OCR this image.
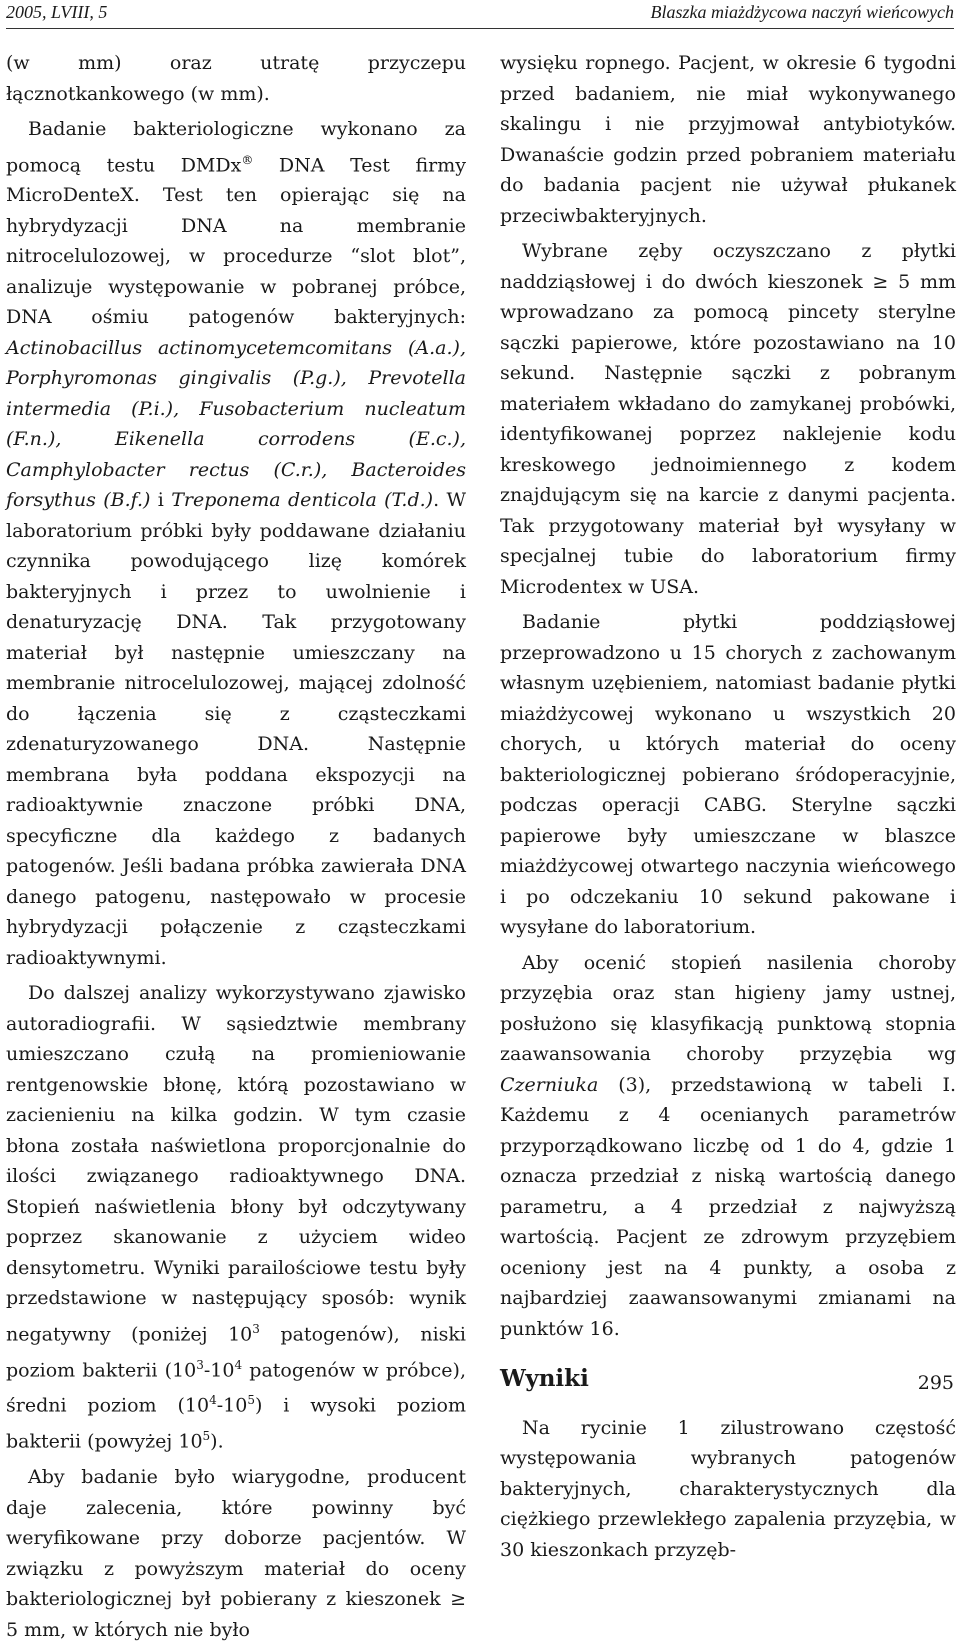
2005, LVIII, 5	Blaszka miażdżycowa naczyń wieńcowych

(w mm) oraz utratę przyczepu łącznotkankowego (w mm).

Badanie bakteriologiczne wykonano za pomocą testu DMDx® DNA Test firmy MicroDenteX. Test ten opierając się na hybrydyzacji DNA na membranie nitrocelulozowej, w procedurze “slot blot”, analizuje występowanie w pobranej próbce, DNA ośmiu patogenów bakteryjnych: Actinobacillus actinomycetemcomitans (A.a.), Porphyromonas gingivalis (P.g.), Prevotella intermedia (P.i.), Fusobacterium nucleatum (F.n.), Eikenella corrodens (E.c.), Camphylobacter rectus (C.r.), Bacteroides forsythus (B.f.) i Treponema denticola (T.d.). W laboratorium próbki były poddawane działaniu czynnika powodującego lizę komórek bakteryjnych i przez to uwolnienie i denaturyzację DNA. Tak przygotowany materiał był następnie umieszczany na membranie nitrocelulozowej, mającej zdolność do łączenia się z cząsteczkami zdenaturyzowanego DNA. Następnie membrana była poddana ekspozycji na radioaktywnie znaczone próbki DNA, specyficzne dla każdego z badanych patogenów. Jeśli badana próbka zawierała DNA danego patogenu, następowało w procesie hybrydyzacji połączenie z cząsteczkami radioaktywnymi.

Do dalszej analizy wykorzystywano zjawisko autoradiografii. W sąsiedztwie membrany umieszczano czułą na promieniowanie rentgenowskie błonę, którą pozostawiano w zacienieniu na kilka godzin. W tym czasie błona została naświetlona proporcjonalnie do ilości związanego radioaktywnego DNA. Stopień naświetlenia błony był odczytywany poprzez skanowanie z użyciem wideo densytometru. Wyniki parailościowe testu były przedstawione w następujący sposób: wynik negatywny (poniżej $10^3$ patogenów), niski poziom bakterii ($10^3-10^4$ patogenów w próbce), średni poziom $(10^4-10^5)$ i wysoki poziom bakterii (powyżej $10^5$).

Aby badanie było wiarygodne, producent daje zalecenia, które powinny być weryfikowane przy doborze pacjentów. W związku z powyższym materiał do oceny bakteriologicznej był pobierany z kieszonek ≥ 5 mm, w których nie było

wysięku ropnego. Pacjent, w okresie 6 tygodni przed badaniem, nie miał wykonywanego skalingu i nie przyjmował antybiotyków. Dwanaście godzin przed pobraniem materiału do badania pacjent nie używał płukanek przeciwbakteryjnych.

Wybrane zęby oczyszczano z płytki naddziąsłowej i do dwóch kieszonek ≥ 5 mm wprowadzano za pomocą pincety sterylne sączki papierowe, które pozostawiano na 10 sekund. Następnie sączki z pobranym materiałem wkładano do zamykanej probówki, identyfikowanej poprzez naklejenie kodu kreskowego jednoimiennego z kodem znajdującym się na karcie z danymi pacjenta. Tak przygotowany materiał był wysyłany w specjalnej tubie do laboratorium firmy Microdentex w USA.

Badanie płytki poddziąsłowej przeprowadzono u 15 chorych z zachowanym własnym uzębieniem, natomiast badanie płytki miażdżycowej wykonano u wszystkich 20 chorych, u których materiał do oceny bakteriologicznej pobierano śródoperacyjnie, podczas operacji CABG. Sterylne sączki papierowe były umieszczane w blaszce miażdżycowej otwartego naczynia wieńcowego i po odczekaniu 10 sekund pakowane i wysyłane do laboratorium.

Aby ocenić stopień nasilenia choroby przyzębia oraz stan higieny jamy ustnej, posłużono się klasyfikacją punktową stopnia zaawansowania choroby przyzębia wg Czerniuka (3), przedstawioną w tabeli I. Każdemu z 4 ocenianych parametrów przyporządkowano liczbę od 1 do 4, gdzie 1 oznacza przedział z niską wartością danego parametru, a 4 przedział z najwyższą wartością. Pacjent ze zdrowym przyzębiem oceniony jest na 4 punkty, a osoba z najbardziej zaawansowanymi zmianami na punktów 16.

Wyniki

Na rycinie 1 zilustrowano częstość występowania wybranych patogenów bakteryjnych, charakterystycznych dla ciężkiego przewlekłego zapalenia przyzębia, w 30 kieszonkach przyzęb-

295
